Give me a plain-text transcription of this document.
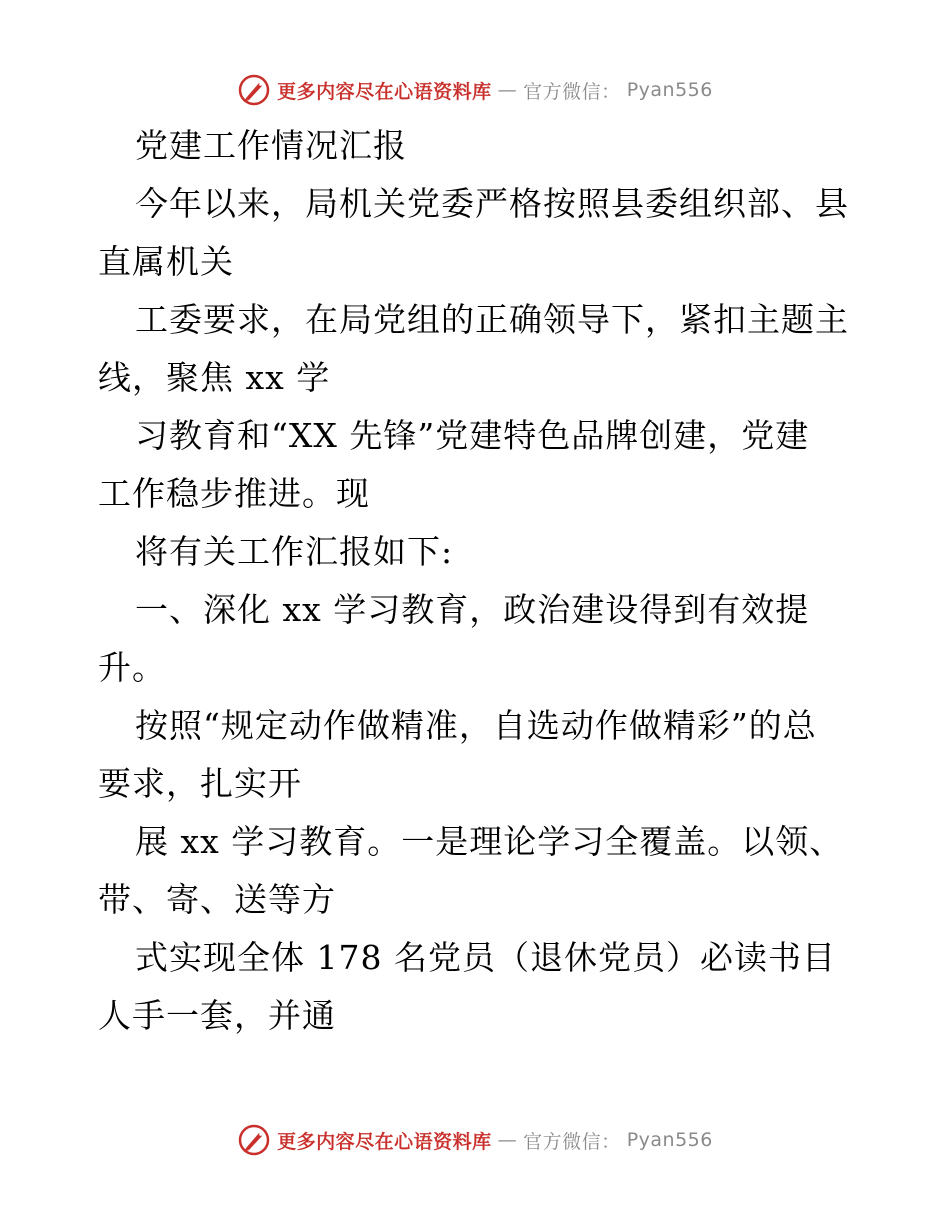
更多内容尽在心语资料库 — 官方微信： Pyan556
党建工作情况汇报
今年以来，局机关党委严格按照县委组织部、县
直属机关
工委要求，在局党组的正确领导下，紧扣主题主
线，聚焦 xx 学
习教育和“XX 先锋”党建特色品牌创建，党建
工作稳步推进。现
将有关工作汇报如下:
一、深化 xx 学习教育，政治建设得到有效提
升。
按照“规定动作做精准，自选动作做精彩”的总
要求，扎实开
展 xx 学习教育。一是理论学习全覆盖。以领、
带、寄、送等方
式实现全体 178 名党员（退休党员）必读书目
人手一套，并通
更多内容尽在心语资料库 — 官方微信： Pyan556
